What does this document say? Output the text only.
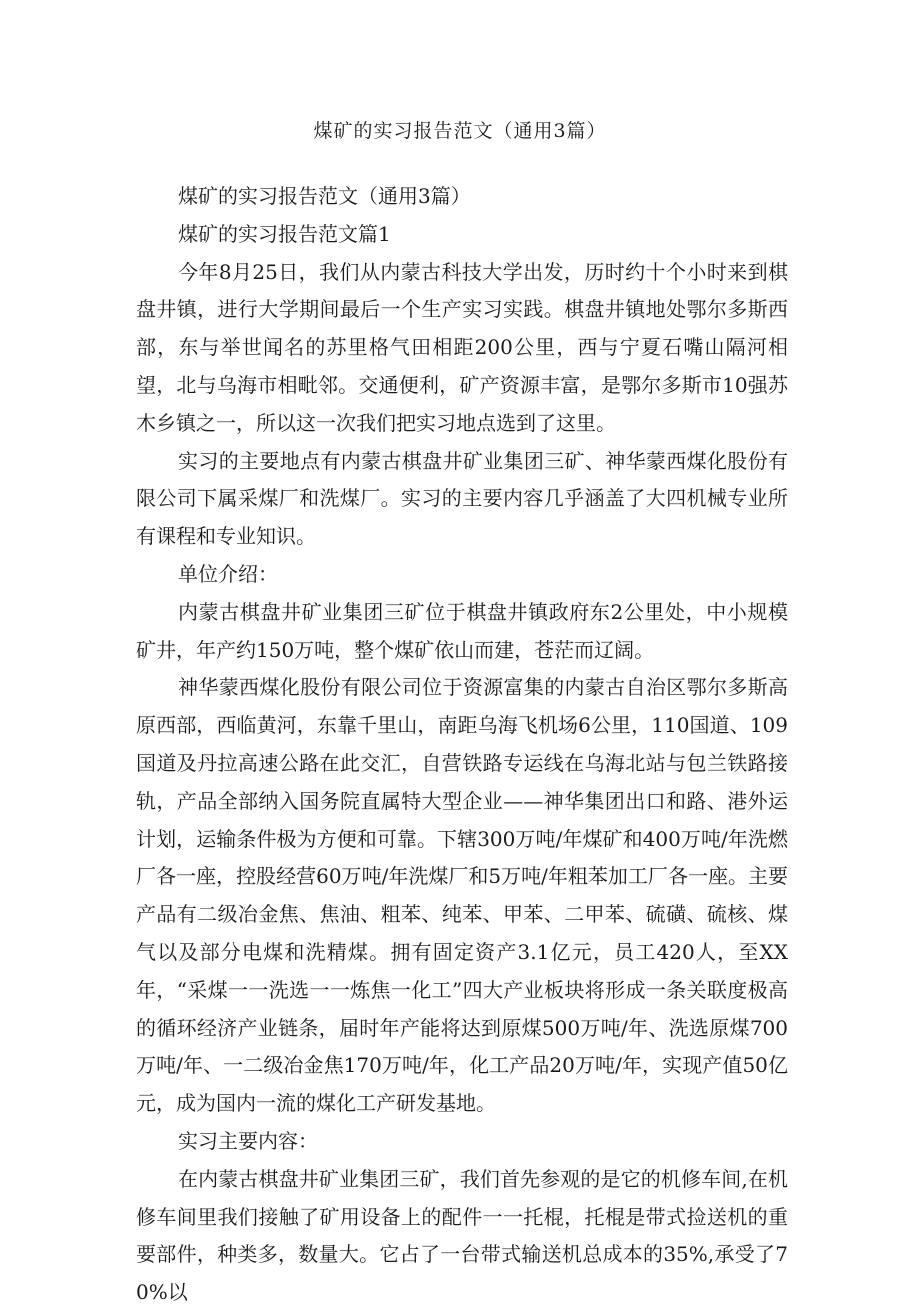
煤矿的实习报告范文（通用3篇）

煤矿的实习报告范文（通用3篇）

煤矿的实习报告范文篇1

今年8月25日，我们从内蒙古科技大学出发，历时约十个小时来到棋盘井镇，进行大学期间最后一个生产实习实践。棋盘井镇地处鄂尔多斯西部，东与举世闻名的苏里格气田相距200公里，西与宁夏石嘴山隔河相望，北与乌海市相毗邻。交通便利，矿产资源丰富，是鄂尔多斯市10强苏木乡镇之一，所以这一次我们把实习地点选到了这里。

实习的主要地点有内蒙古棋盘井矿业集团三矿、神华蒙西煤化股份有限公司下属采煤厂和洗煤厂。实习的主要内容几乎涵盖了大四机械专业所有课程和专业知识。

单位介绍：

内蒙古棋盘井矿业集团三矿位于棋盘井镇政府东2公里处，中小规模矿井，年产约150万吨，整个煤矿依山而建，苍茫而辽阔。

神华蒙西煤化股份有限公司位于资源富集的内蒙古自治区鄂尔多斯高原西部，西临黄河，东靠千里山，南距乌海飞机场6公里，110国道、109国道及丹拉高速公路在此交汇，自营铁路专运线在乌海北站与包兰铁路接轨，产品全部纳入国务院直属特大型企业——神华集团出口和路、港外运计划，运输条件极为方便和可靠。下辖300万吨/年煤矿和400万吨/年洗燃厂各一座，控股经营60万吨/年洗煤厂和5万吨/年粗苯加工厂各一座。主要产品有二级冶金焦、焦油、粗苯、纯苯、甲苯、二甲苯、硫磺、硫核、煤气以及部分电煤和洗精煤。拥有固定资产3.1亿元，员工420人，至XX年，“采煤一一洗选一一炼焦一化工”四大产业板块将形成一条关联度极高的循环经济产业链条，届时年产能将达到原煤500万吨/年、洗选原煤700万吨/年、一二级冶金焦170万吨/年，化工产品20万吨/年，实现产值50亿元，成为国内一流的煤化工产研发基地。

实习主要内容：

在内蒙古棋盘井矿业集团三矿，我们首先参观的是它的机修车间,在机修车间里我们接触了矿用设备上的配件一一托棍，托棍是带式捡送机的重要部件，种类多，数量大。它占了一台带式输送机总成本的35%,承受了70%以
